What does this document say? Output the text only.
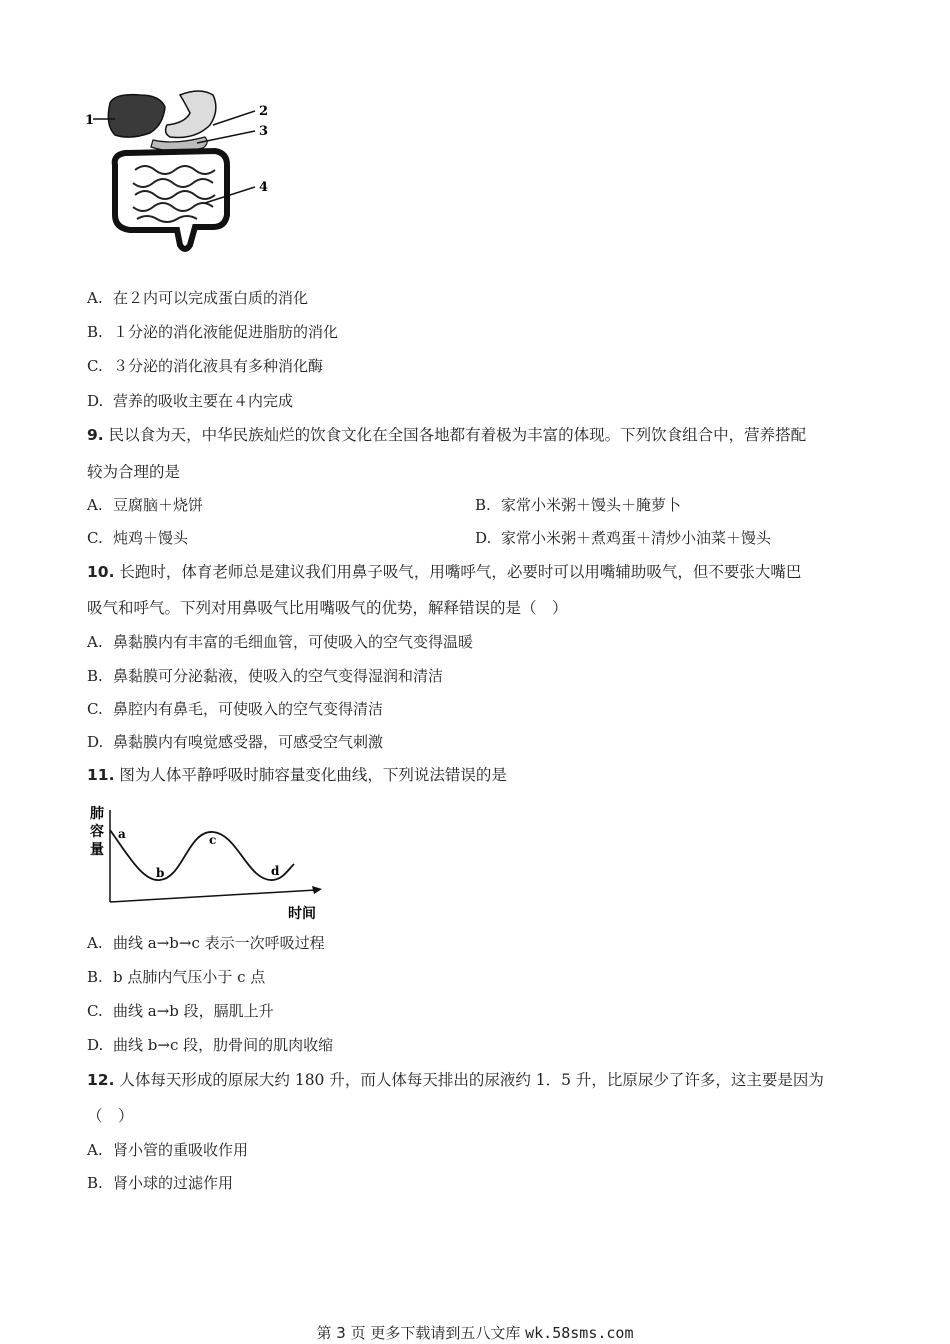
1
2
3
4
A. 在２内可以完成蛋白质的消化
B. １分泌的消化液能促进脂肪的消化
C. ３分泌的消化液具有多种消化酶
D. 营养的吸收主要在４内完成
9. 民以食为天，中华民族灿烂的饮食文化在全国各地都有着极为丰富的体现。下列饮食组合中，营养搭配
较为合理的是
A. 豆腐脑＋烧饼	B. 家常小米粥＋馒头＋腌萝卜
C. 炖鸡＋馒头	D. 家常小米粥＋煮鸡蛋＋清炒小油菜＋馒头
10. 长跑时，体育老师总是建议我们用鼻子吸气，用嘴呼气，必要时可以用嘴辅助吸气，但不要张大嘴巴
吸气和呼气。下列对用鼻吸气比用嘴吸气的优势，解释错误的是（　）
A. 鼻黏膜内有丰富的毛细血管，可使吸入的空气变得温暖
B. 鼻黏膜可分泌黏液，使吸入的空气变得湿润和清洁
C. 鼻腔内有鼻毛，可使吸入的空气变得清洁
D. 鼻黏膜内有嗅觉感受器，可感受空气刺激
11. 图为人体平静呼吸时肺容量变化曲线，下列说法错误的是
肺
容
量
时间
a
b
c
d
A. 曲线 a→b→c 表示一次呼吸过程
B. b 点肺内气压小于 c 点
C. 曲线 a→b 段，膈肌上升
D. 曲线 b→c 段，肋骨间的肌肉收缩
12. 人体每天形成的原尿大约 180 升，而人体每天排出的尿液约 1．5 升，比原尿少了许多，这主要是因为
（　）
A. 肾小管的重吸收作用
B. 肾小球的过滤作用
第 3 页 更多下载请到五八文库 wk.58sms.com
